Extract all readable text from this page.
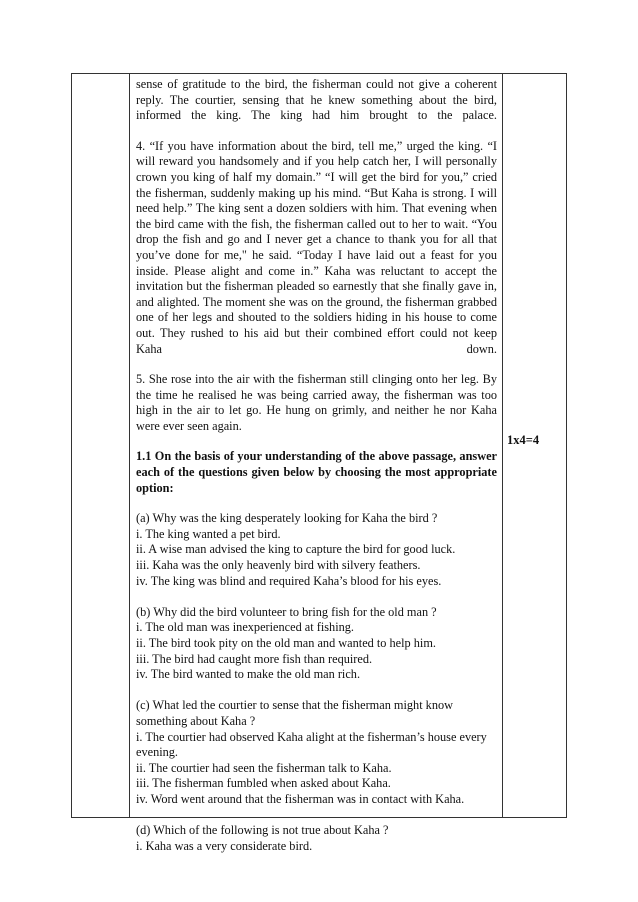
sense of gratitude to the bird, the fisherman could not give a coherent reply. The courtier, sensing that he knew something about the bird, informed the king. The king had him brought to the palace.

4. “If you have information about the bird, tell me,” urged the king. “I will reward you handsomely and if you help catch her, I will personally crown you king of half my domain.” “I will get the bird for you,” cried the fisherman, suddenly making up his mind. “But Kaha is strong. I will need help.” The king sent a dozen soldiers with him. That evening when the bird came with the fish, the fisherman called out to her to wait. “You drop the fish and go and I never get a chance to thank you for all that you’ve done for me," he said. “Today I have laid out a feast for you inside. Please alight and come in.” Kaha was reluctant to accept the invitation but the fisherman pleaded so earnestly that she finally gave in, and alighted. The moment she was on the ground, the fisherman grabbed one of her legs and shouted to the soldiers hiding in his house to come out. They rushed to his aid but their combined effort could not keep Kaha down.

5. She rose into the air with the fisherman still clinging onto her leg. By the time he realised he was being carried away, the fisherman was too high in the air to let go. He hung on grimly, and neither he nor Kaha were ever seen again.

1.1 On the basis of your understanding of the above passage, answer each of the questions given below by choosing the most appropriate option:

(a) Why was the king desperately looking for Kaha the bird ?
i. The king wanted a pet bird.
ii. A wise man advised the king to capture the bird for good luck.
iii. Kaha was the only heavenly bird with silvery feathers.
iv. The king was blind and required Kaha’s blood for his eyes.
(b) Why did the bird volunteer to bring fish for the old man ?
i. The old man was inexperienced at fishing.
ii. The bird took pity on the old man and wanted to help him.
iii. The bird had caught more fish than required.
iv. The bird wanted to make the old man rich.
(c) What led the courtier to sense that the fisherman might know something about Kaha ?
i. The courtier had observed Kaha alight at the fisherman’s house every evening.
ii. The courtier had seen the fisherman talk to Kaha.
iii. The fisherman fumbled when asked about Kaha.
iv. Word went around that the fisherman was in contact with Kaha.
(d) Which of the following is not true about Kaha ?
i. Kaha was a very considerate bird.
1x4=4
